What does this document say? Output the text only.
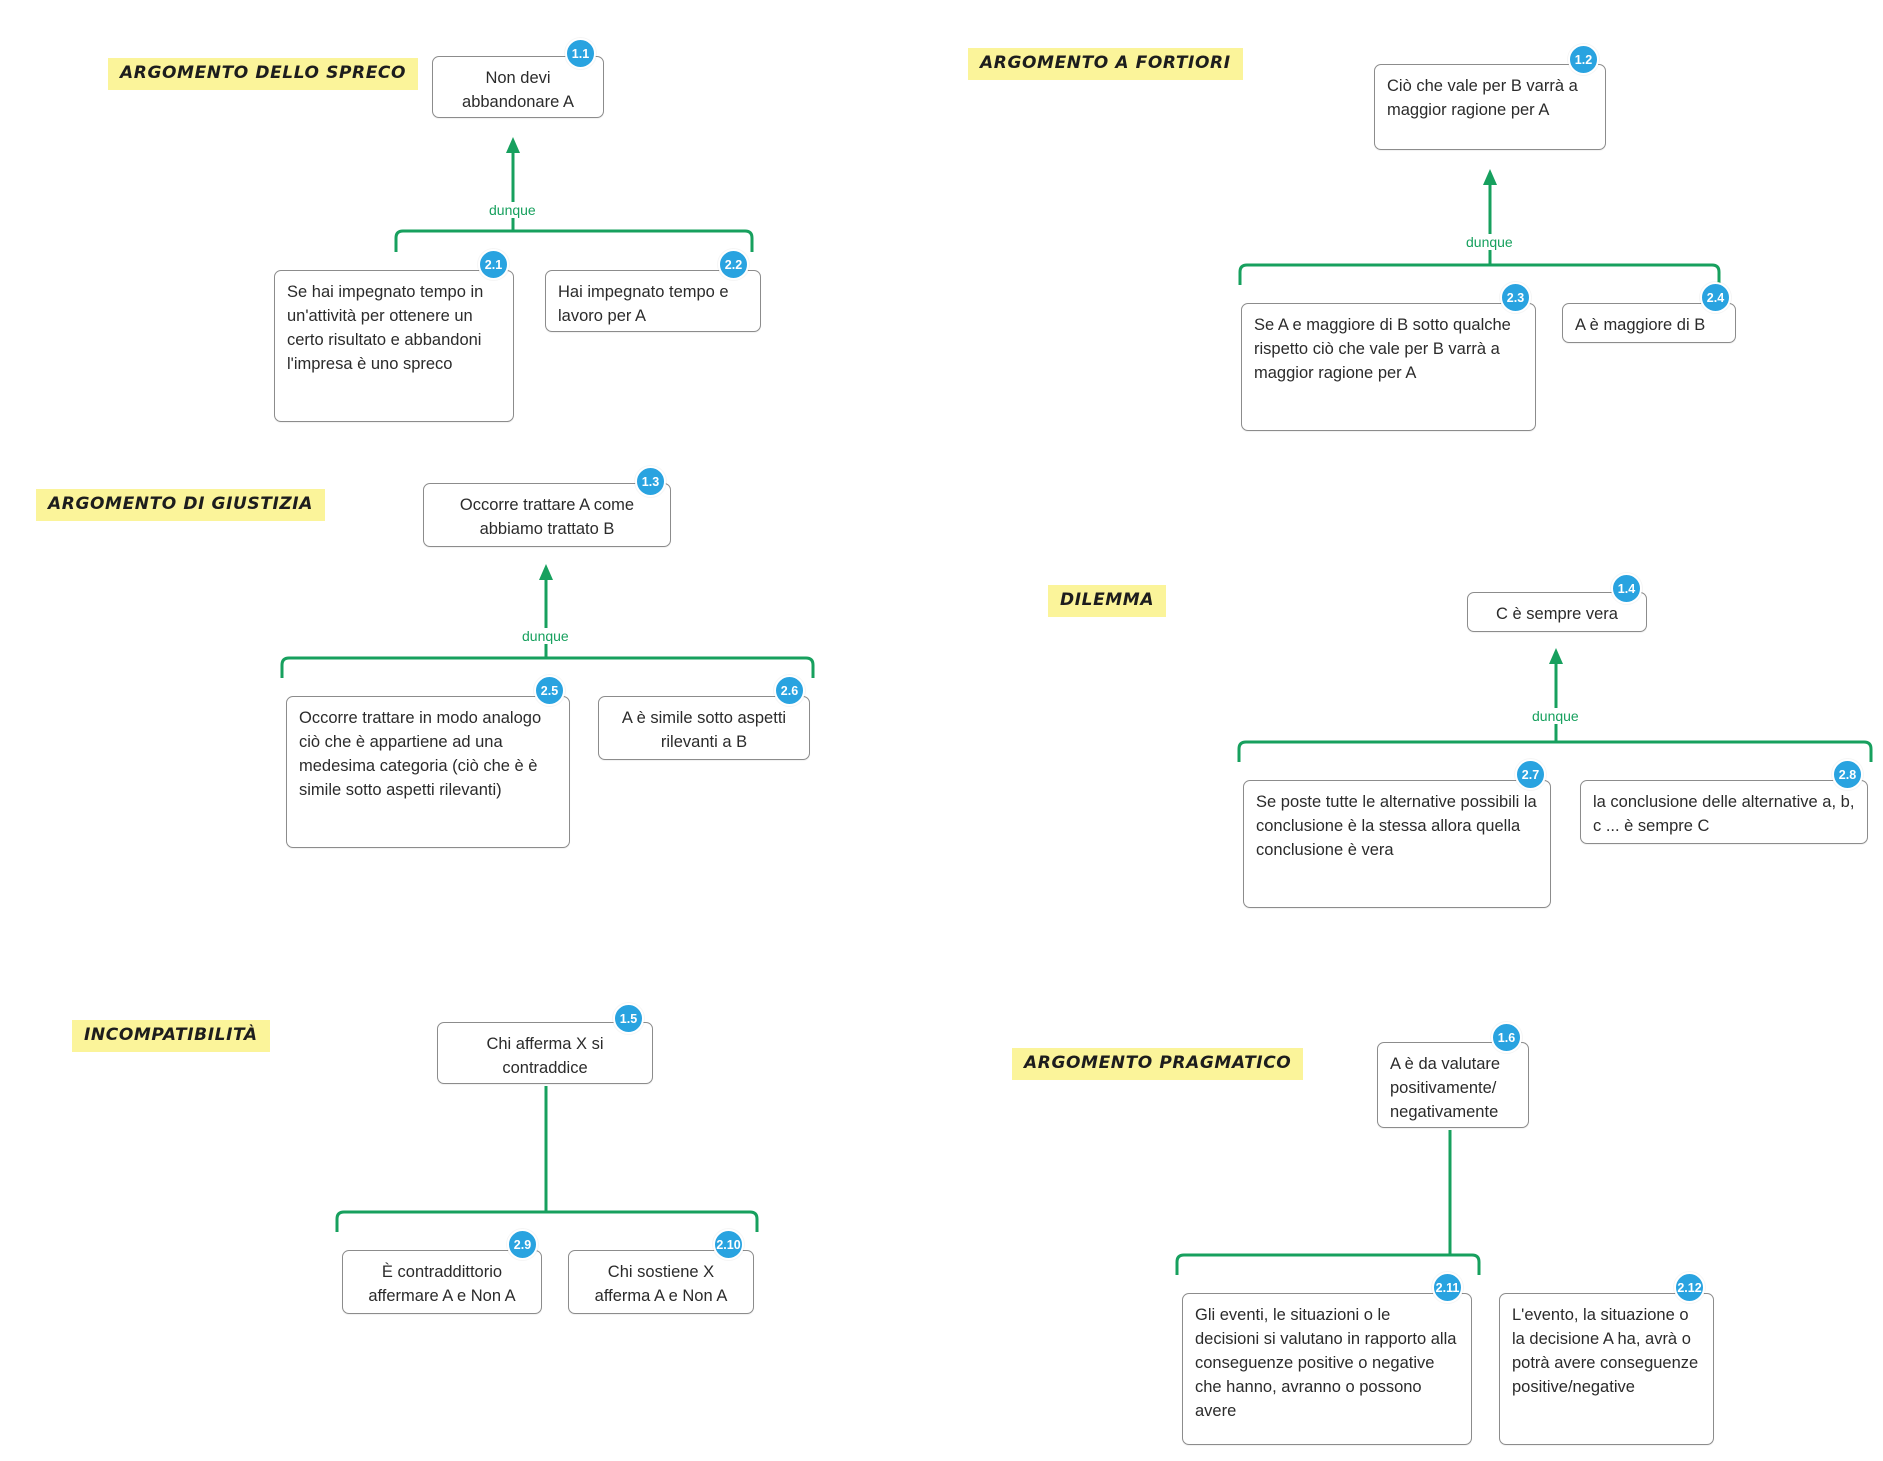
ARGOMENTO DELLO SPRECO	Non devi abbandonare A
1.1
dunque
Se hai impegnato tempo in un'attività per ottenere un certo risultato e abbandoni l'impresa è uno spreco
2.1
Hai impegnato tempo e lavoro per A
2.2
ARGOMENTO A FORTIORI
Ciò che vale per B varrà a maggior ragione per A
1.2
dunque
Se A e maggiore di B sotto qualche rispetto ciò che vale per B varrà a maggior ragione per A
2.3
A è maggiore di B
2.4
ARGOMENTO DI GIUSTIZIA	Occorre trattare A come abbiamo trattato B
1.3
dunque
Occorre trattare in modo analogo ciò che è appartiene ad una medesima categoria (ciò che è è simile sotto aspetti rilevanti)
2.5
A è simile sotto aspetti rilevanti a B
2.6
DILEMMA
C è sempre vera
1.4
dunque
Se poste tutte le alternative possibili la conclusione è la stessa allora quella conclusione è vera
2.7
la conclusione delle alternative a, b, c ... è sempre C
2.8
INCOMPATIBILITÀ	Chi afferma X si contraddice
1.5
È contraddittorio affermare A e Non A
2.9
Chi sostiene X afferma A e Non A
2.10
ARGOMENTO PRAGMATICO	A è da valutare positivamente/ negativamente
1.6
Gli eventi, le situazioni o le decisioni si valutano in rapporto alla conseguenze positive o negative che hanno, avranno o possono avere
2.11
L'evento, la situazione o la decisione A ha, avrà o potrà avere conseguenze positive/negative
2.12
